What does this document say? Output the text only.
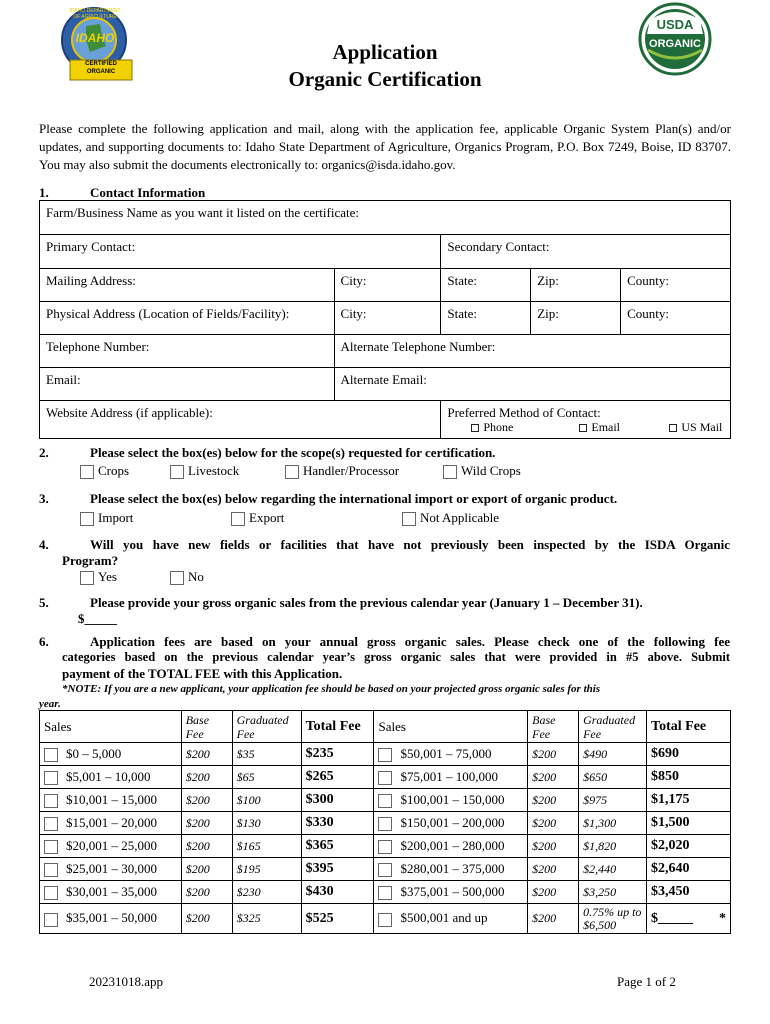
IDAHO DEPARTMENT OF AGRICULTURE
IDAHO
CERTIFIED
ORGANIC
USDA
ORGANIC
Application
Organic Certification
Please complete the following application and mail, along with the application fee, applicable Organic System Plan(s) and/or updates, and supporting documents to: Idaho State Department of Agriculture, Organics Program, P.O. Box 7249, Boise, ID 83707. You may also submit the documents electronically to: organics@isda.idaho.gov.
1.	Contact Information
Farm/Business Name as you want it listed on the certificate:				
Primary Contact:		Secondary Contact:		
Mailing Address:	City:	State:	Zip:	County:
Physical Address (Location of Fields/Facility):	City:	State:	Zip:	County:
Telephone Number:	Alternate Telephone Number:			
Email:	Alternate Email:			
Website Address (if applicable):		Preferred Method of Contact:
Phone Email US Mail		
2.	Please select the box(es) below for the scope(s) requested for certification.
Crops	Livestock	Handler/Processor	Wild Crops
3.	Please select the box(es) below regarding the international import or export of organic product.
Import	Export	Not Applicable
4.	Will you have new fields or facilities that have not previously been inspected by the ISDA Organic
Program?
Yes	No
5.	Please provide your gross organic sales from the previous calendar year (January 1 – December 31).
$_____
6.	Application fees are based on your annual gross organic sales. Please check one of the following fee
categories based on the previous calendar year’s gross organic sales that were provided in #5 above. Submit
payment of the TOTAL FEE with this Application.
*NOTE: If you are a new applicant, your application fee should be based on your projected gross organic sales for this
year.
Sales	Base Fee	Graduated Fee	Total Fee	Sales	Base Fee	Graduated Fee	Total Fee
$0 – 5,000	$200	$35	$235	$50,001 – 75,000	$200	$490	$690
$5,001 – 10,000	$200	$65	$265	$75,001 – 100,000	$200	$650	$850
$10,001 – 15,000	$200	$100	$300	$100,001 – 150,000	$200	$975	$1,175
$15,001 – 20,000	$200	$130	$330	$150,001 – 200,000	$200	$1,300	$1,500
$20,001 – 25,000	$200	$165	$365	$200,001 – 280,000	$200	$1,820	$2,020
$25,001 – 30,000	$200	$195	$395	$280,001 – 375,000	$200	$2,440	$2,640
$30,001 – 35,000	$200	$230	$430	$375,001 – 500,000	$200	$3,250	$3,450
$35,001 – 50,000	$200	$325	$525	$500,001 and up	$200	0.75% up to $6,500	$_____ *
20231018.app	Page 1 of 2
